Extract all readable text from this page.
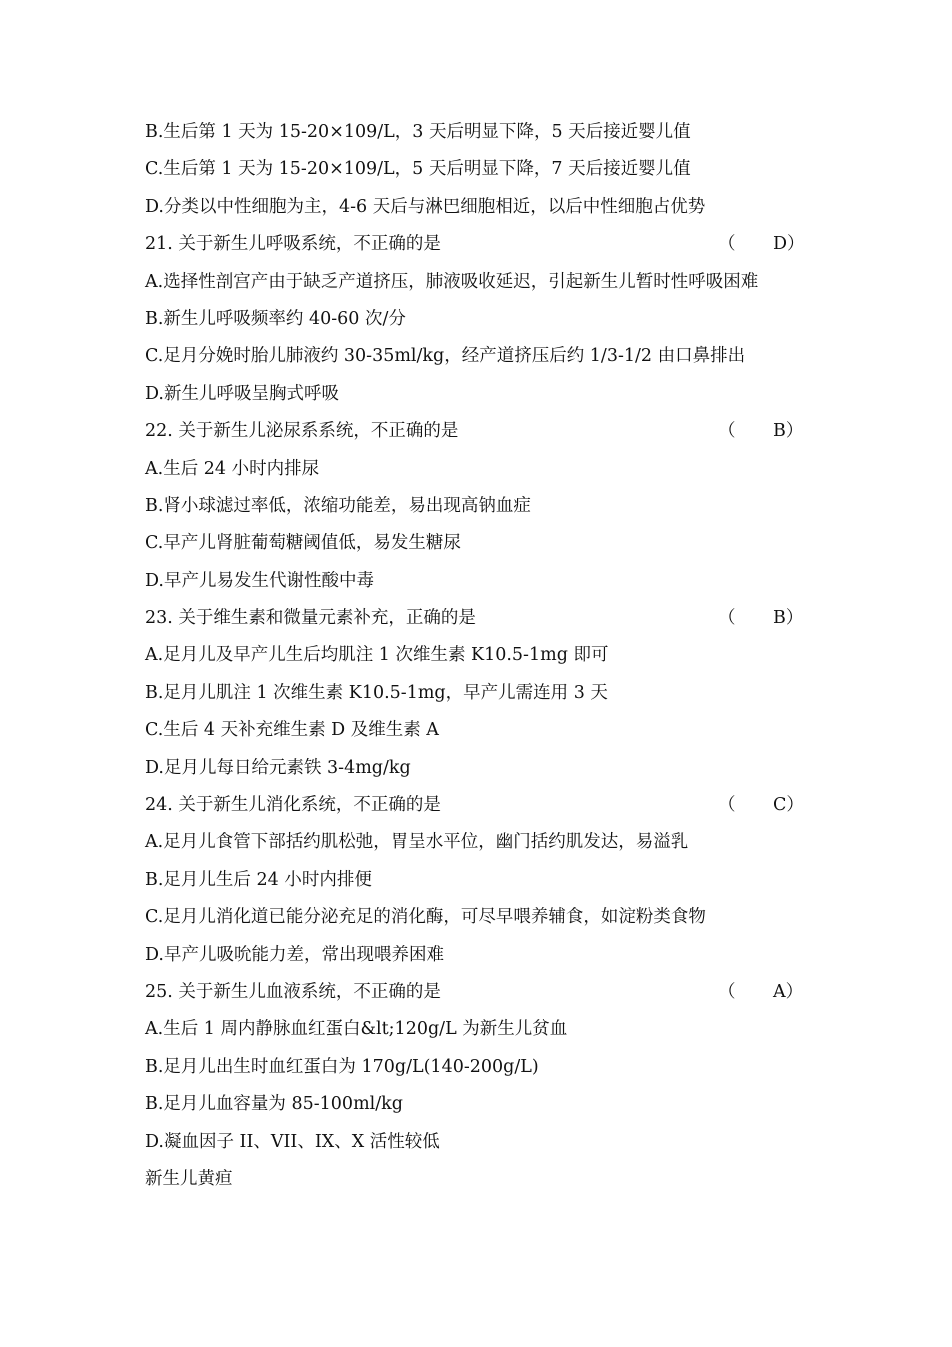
B.生后第 1 天为 15-20×109/L，3 天后明显下降，5 天后接近婴儿值
C.生后第 1 天为 15-20×109/L，5 天后明显下降，7 天后接近婴儿值
D.分类以中性细胞为主，4-6 天后与淋巴细胞相近，以后中性细胞占优势
21. 关于新生儿呼吸系统，不正确的是	（ D）
A.选择性剖宫产由于缺乏产道挤压，肺液吸收延迟，引起新生儿暂时性呼吸困难
B.新生儿呼吸频率约 40-60 次/分
C.足月分娩时胎儿肺液约 30-35ml/kg，经产道挤压后约 1/3-1/2 由口鼻排出
D.新生儿呼吸呈胸式呼吸
22. 关于新生儿泌尿系系统，不正确的是	（ B）
A.生后 24 小时内排尿
B.肾小球滤过率低，浓缩功能差，易出现高钠血症
C.早产儿肾脏葡萄糖阈值低，易发生糖尿
D.早产儿易发生代谢性酸中毒
23. 关于维生素和微量元素补充，正确的是	（ B）
A.足月儿及早产儿生后均肌注 1 次维生素 K10.5-1mg 即可
B.足月儿肌注 1 次维生素 K10.5-1mg，早产儿需连用 3 天
C.生后 4 天补充维生素 D 及维生素 A
D.足月儿每日给元素铁 3-4mg/kg
24. 关于新生儿消化系统，不正确的是	（ C）
A.足月儿食管下部括约肌松弛，胃呈水平位，幽门括约肌发达，易溢乳
B.足月儿生后 24 小时内排便
C.足月儿消化道已能分泌充足的消化酶，可尽早喂养辅食，如淀粉类食物
D.早产儿吸吮能力差，常出现喂养困难
25. 关于新生儿血液系统，不正确的是	（ A）
A.生后 1 周内静脉血红蛋白&lt;120g/L 为新生儿贫血
B.足月儿出生时血红蛋白为 170g/L(140-200g/L)
B.足月儿血容量为 85-100ml/kg
D.凝血因子 II、VII、IX、X 活性较低
新生儿黄疸
